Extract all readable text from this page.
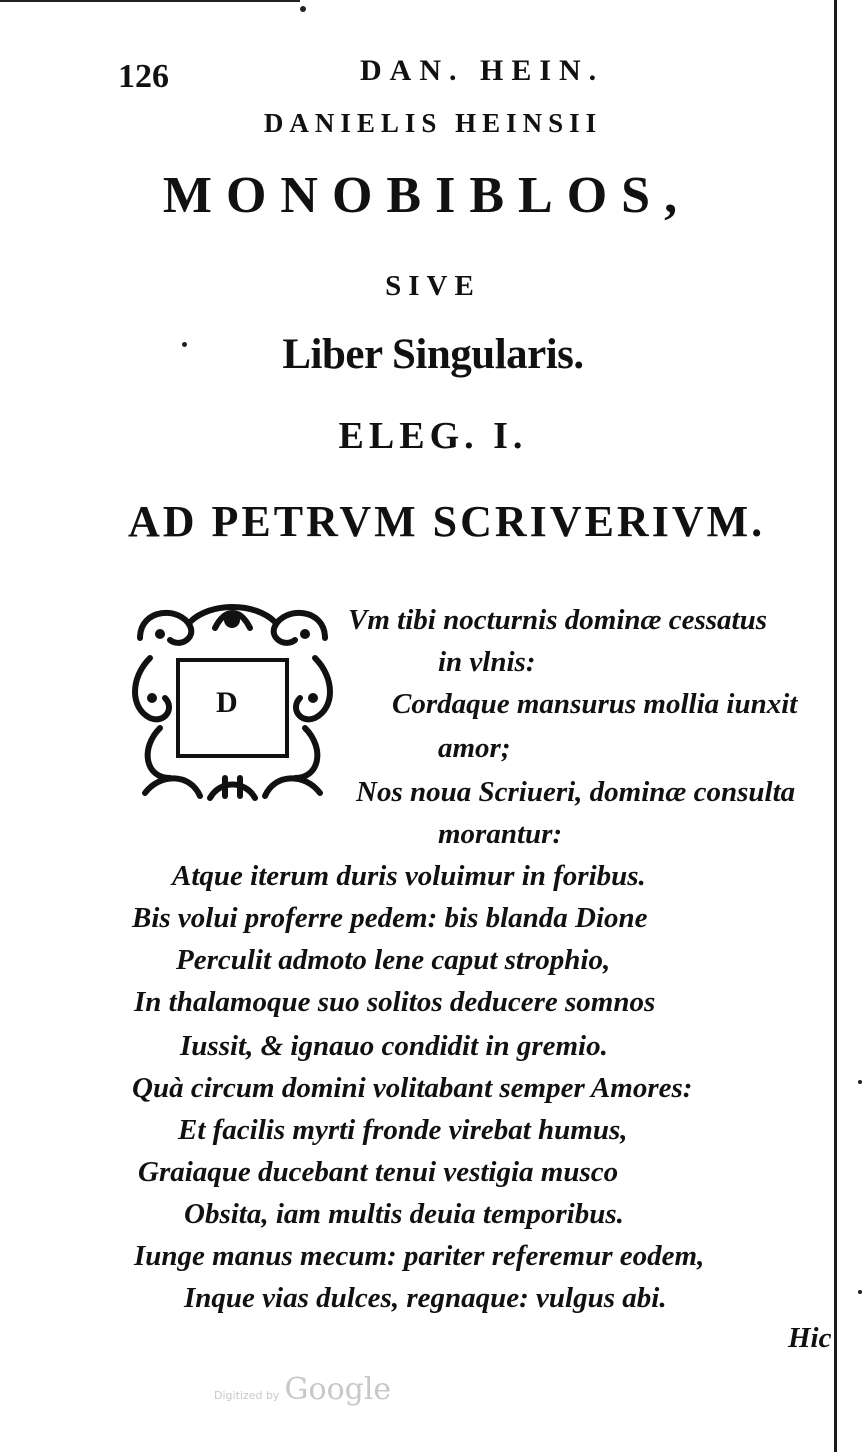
126	DAN. HEIN.
DANIELIS HEINSII
MONOBIBLOS,
SIVE
Liber Singularis.
ELEG. I.
AD PETRVM SCRIVERIVM.
D
Vm tibi nocturnis dominæ cessatus
in vlnis:
Cordaque mansurus mollia iunxit
amor;
Nos noua Scriueri, dominæ consulta
morantur:
Atque iterum duris voluimur in foribus.
Bis volui proferre pedem: bis blanda Dione
Perculit admoto lene caput strophio,
In thalamoque suo solitos deducere somnos
Iussit, & ignauo condidit in gremio.
Quà circum domini volitabant semper Amores:
Et facilis myrti fronde virebat humus,
Graiaque ducebant tenui vestigia musco
Obsita, iam multis deuia temporibus.
Iunge manus mecum: pariter referemur eodem,
Inque vias dulces, regnaque: vulgus abi.
Hic
Digitized by Google
